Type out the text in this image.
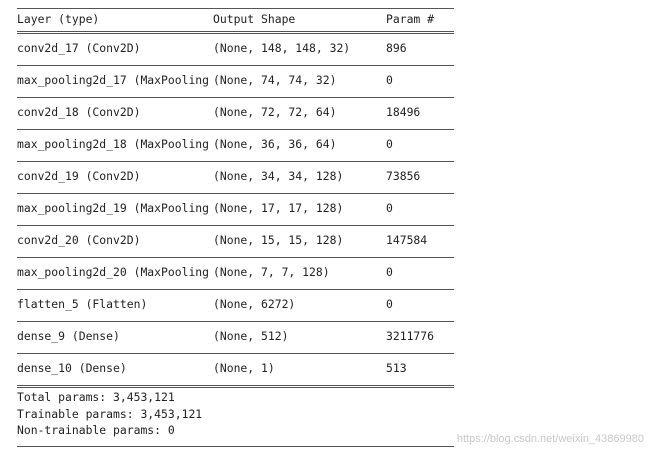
Layer (type)	Output Shape	Param #
conv2d_17 (Conv2D)	(None, 148, 148, 32)	896
max_pooling2d_17 (MaxPooling (None, 74, 74, 32)	0
conv2d_18 (Conv2D)	(None, 72, 72, 64)	18496
max_pooling2d_18 (MaxPooling (None, 36, 36, 64)	0
conv2d_19 (Conv2D)	(None, 34, 34, 128)	73856
max_pooling2d_19 (MaxPooling (None, 17, 17, 128)	0
conv2d_20 (Conv2D)	(None, 15, 15, 128)	147584
max_pooling2d_20 (MaxPooling (None, 7, 7, 128)	0
flatten_5 (Flatten)	(None, 6272)	0
dense_9 (Dense)	(None, 512)	3211776
dense_10 (Dense)	(None, 1)	513
Total params: 3,453,121
Trainable params: 3,453,121
Non-trainable params: 0
https://blog.csdn.net/weixin_43869980
